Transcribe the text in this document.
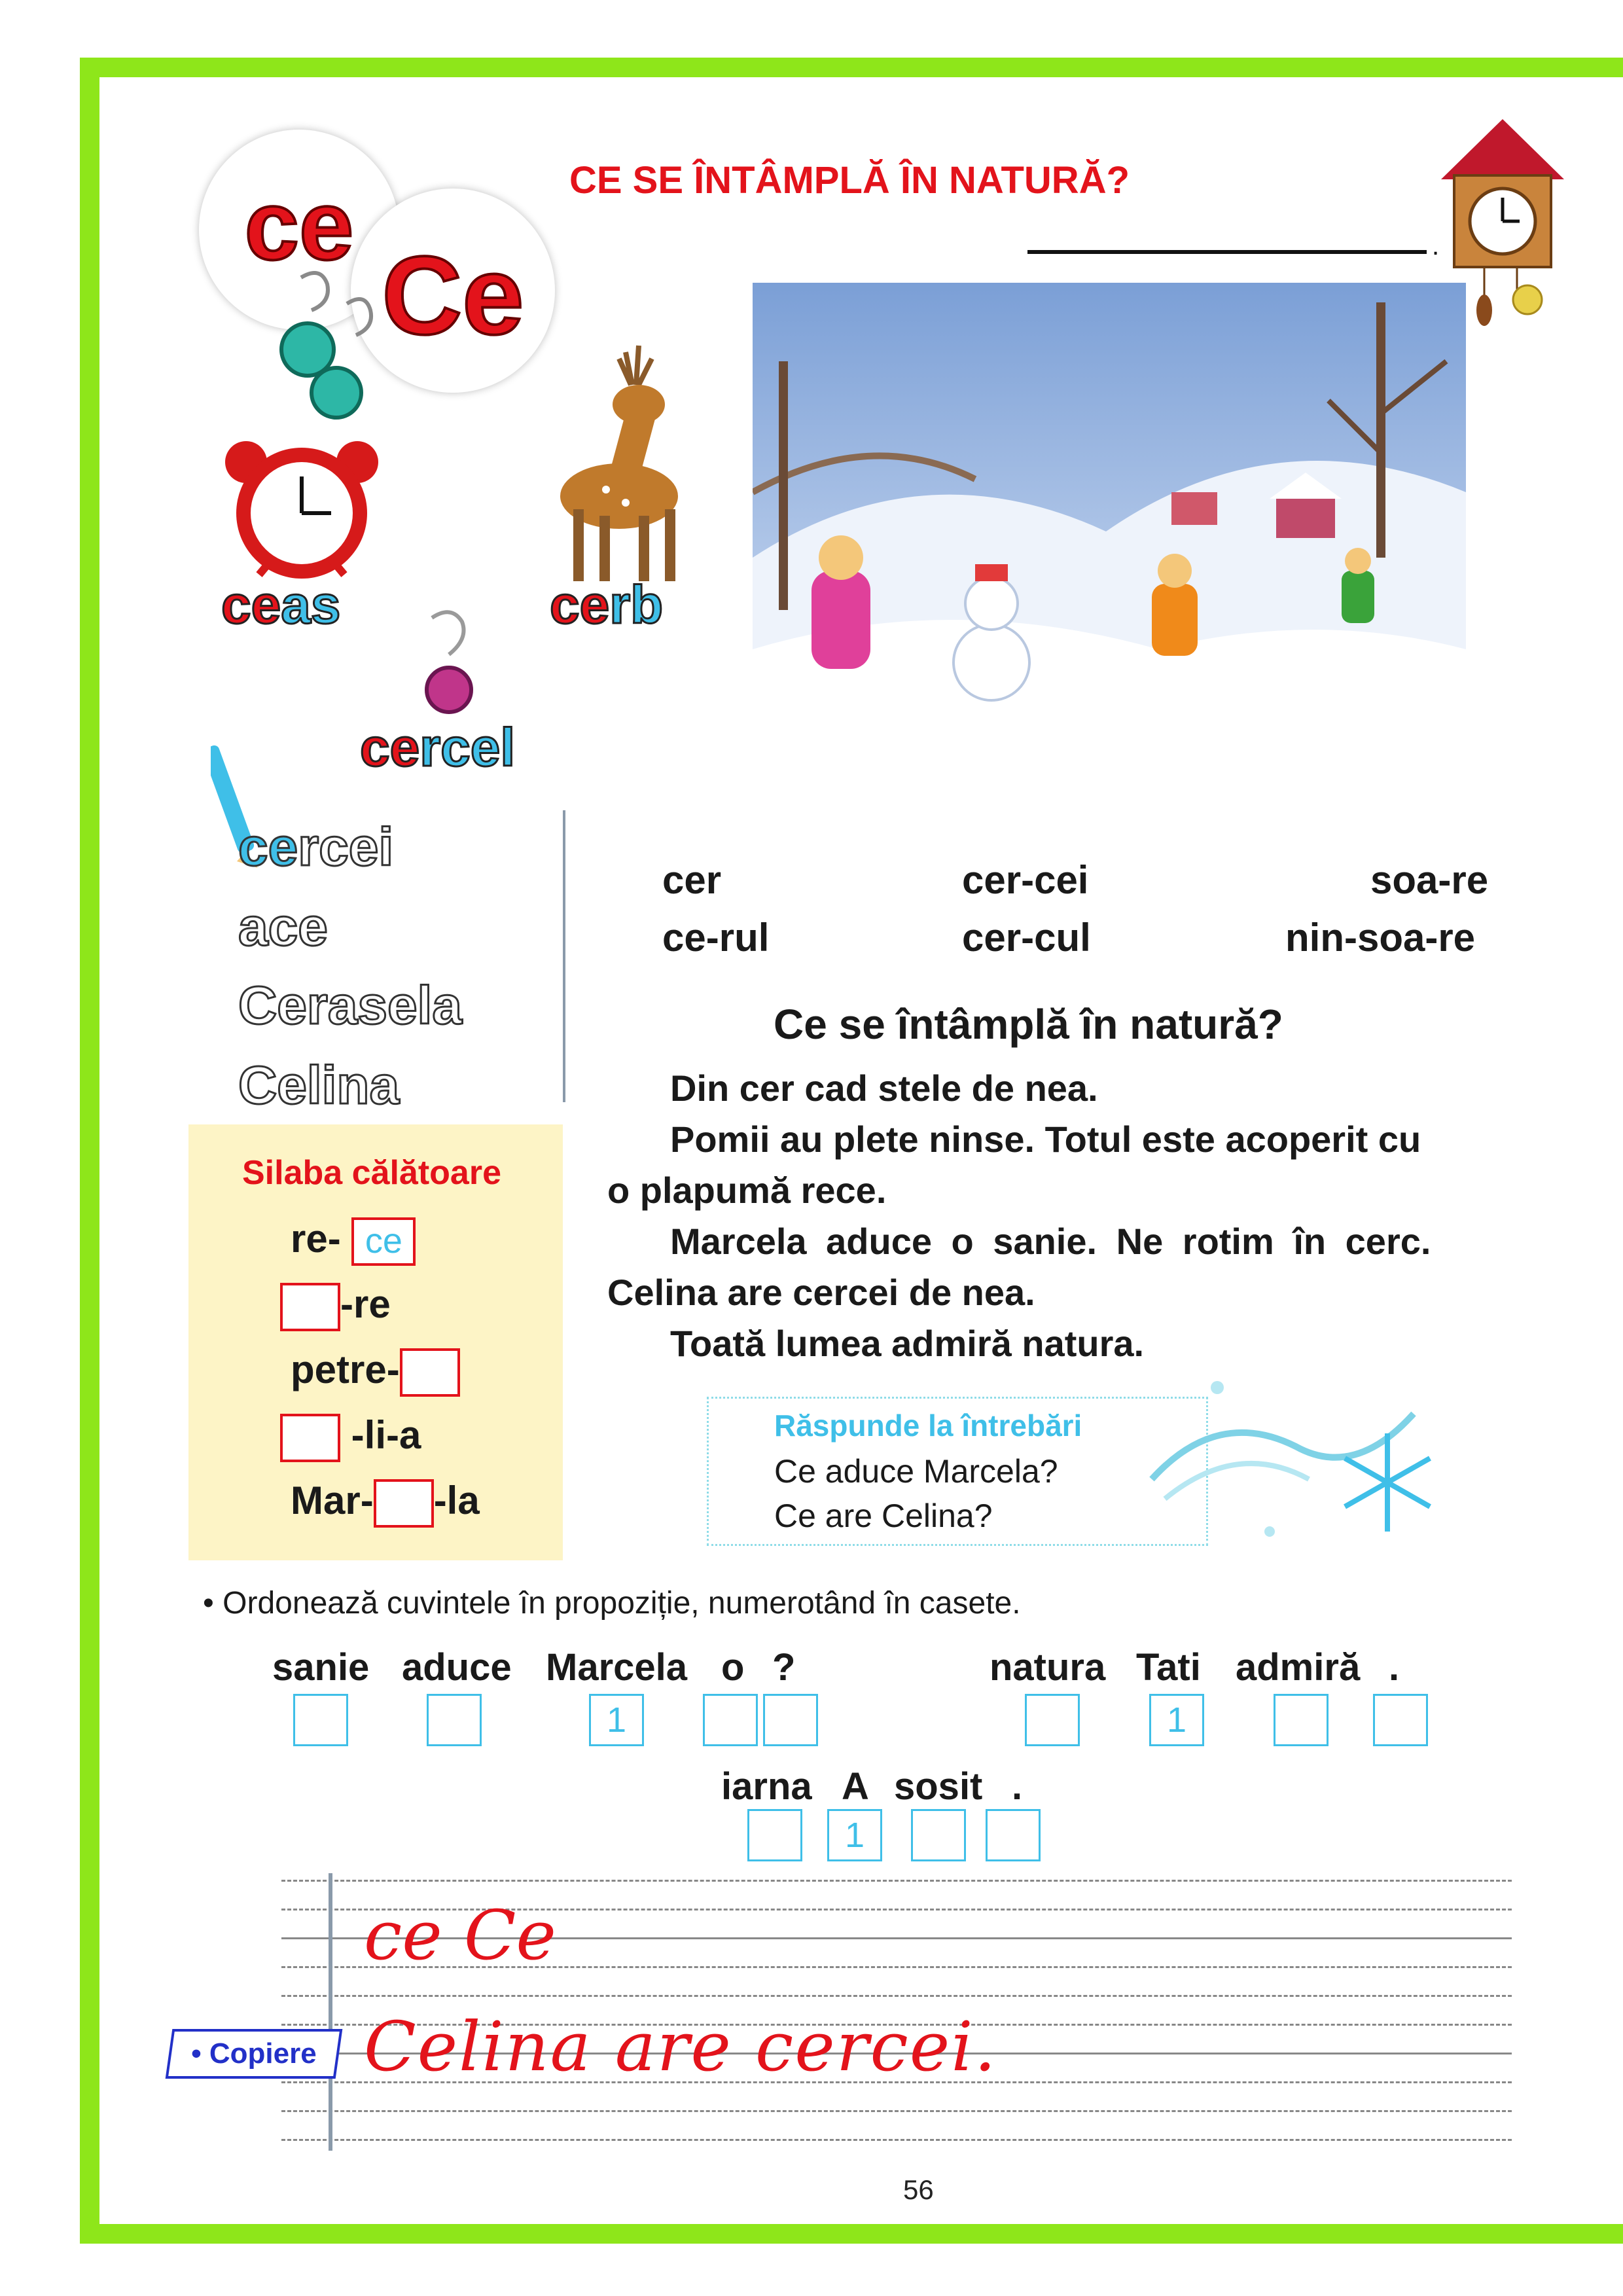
CE SE ÎNTÂMPLĂ ÎN NATURĂ?
.
ce
Ce
ceas	cerb
cercel
cercei
ace
Cerasela
Celina
cer	cer-cei	soa-re
ce-rul	cer-cul	nin-soa-re
Ce se întâmplă în natură?
Din cer cad stele de nea.
Pomii au plete ninse. Totul este acoperit cu
o plapumă rece.
Marcela aduce o sanie. Ne rotim în cerc.
Celina are cercei de nea.
Toată lumea admiră natura.
Silaba călătoare
re- ce
-re
petre-
-li-a
Mar- -la
Răspunde la întrebări
Ce aduce Marcela?
Ce are Celina?
• Ordonează cuvintele în propoziție, numerotând în casete.
sanie aduce Marcela o ?
1
natura Tati admiră .
1
iarna A sosit .
1
ce Ce
Celina are cercei.
• Copiere
56
